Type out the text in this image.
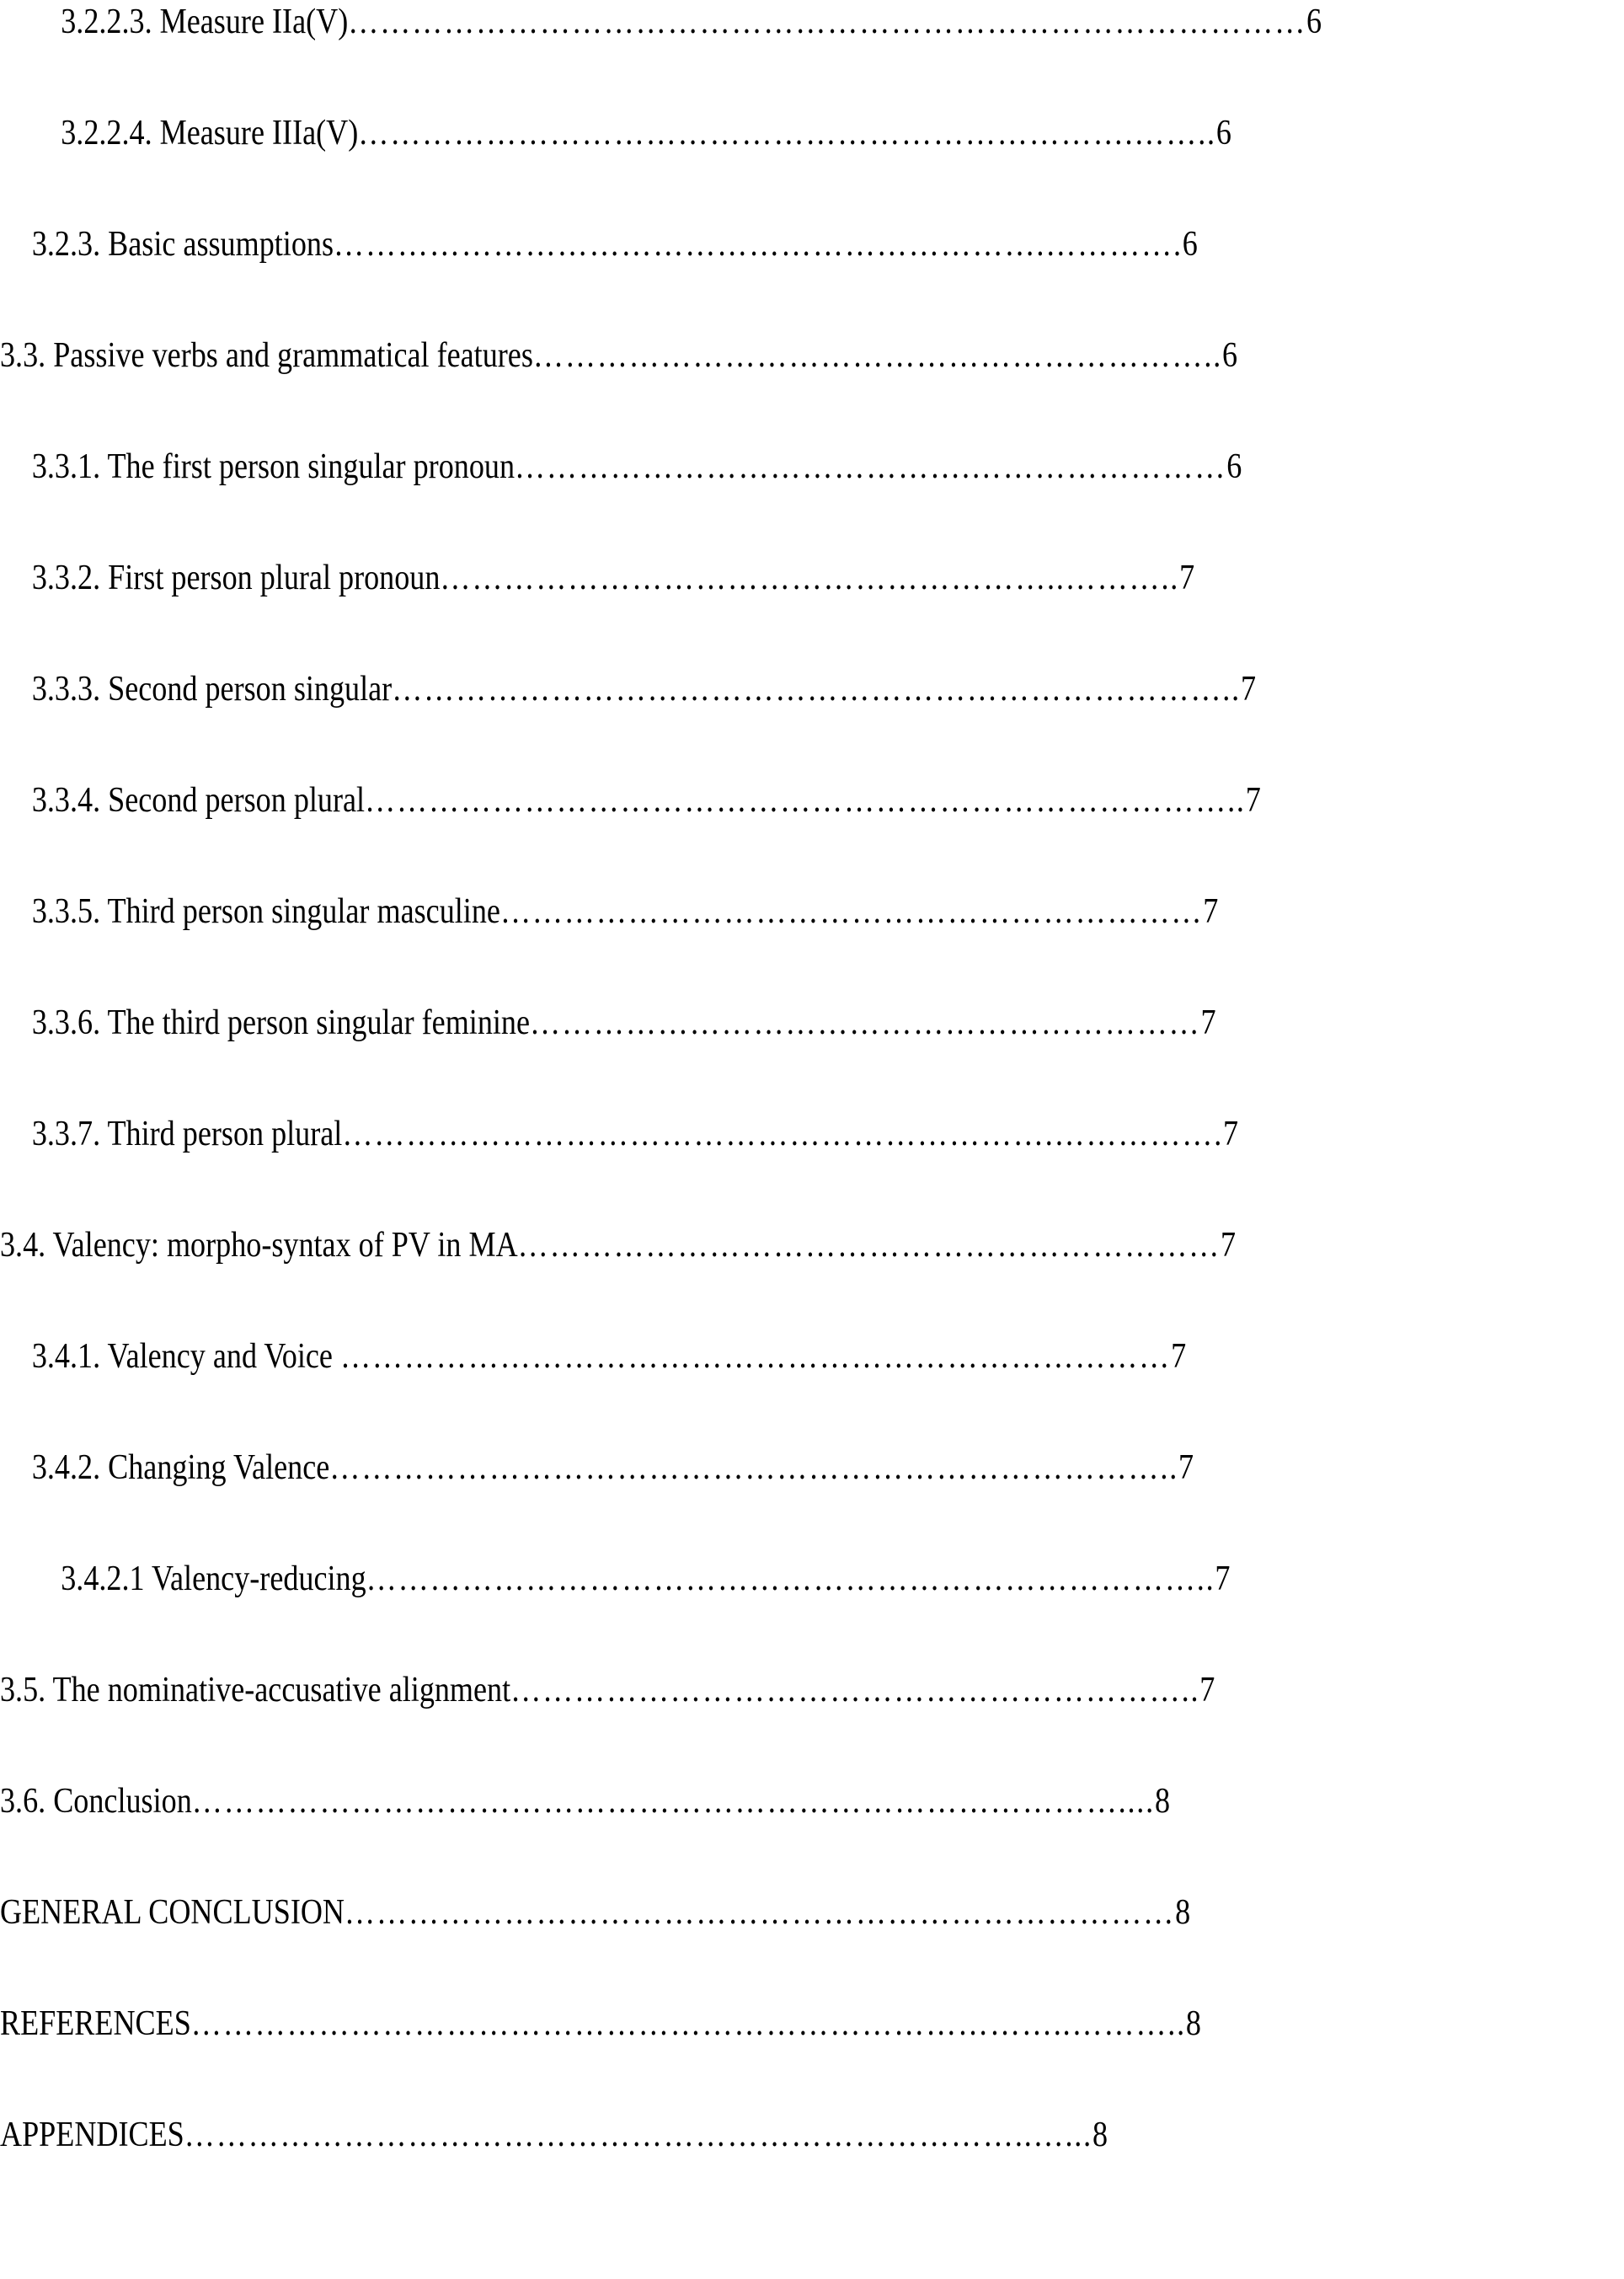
3.2.2.3. Measure IIa(V)………………………………………………………………………………6
3.2.2.4. Measure IIIa(V)……………………………………………………………….……..6
3.2.3. Basic assumptions………………………………………………………….………….6
3.3. Passive verbs and grammatical features………………………………………………………..6
3.3.1. The first person singular pronoun…………………………………….……………………6
3.3.2. First person plural pronoun…………………………………………………..………..7
3.3.3. Second person singular……………………………………………………………………..7
3.3.4. Second person plural………………………………………………………………………..7
3.3.5. Third person singular masculine…………………………………………………………7
3.3.6. The third person singular feminine………………………………………………………7
3.3.7. Third person plural………………………………………………………….…………….7
3.4. Valency: morpho-syntax of PV in MA…………………………………………………………7
3.4.1. Valency and Voice ……………………………………………………………………7
3.4.2. Changing Valence……………………………………………………………………..7
3.4.2.1 Valency-reducing……………………………………………………………………..7
3.5. The nominative-accusative alignment………………………………………………………..7
3.6. Conclusion……………………………………………………………………………....8
GENERAL CONCLUSION……………………………………………………………………8
REFERENCES………………………………………………………………………..………..8
APPENDICES……………………………………………………………………..…...8
